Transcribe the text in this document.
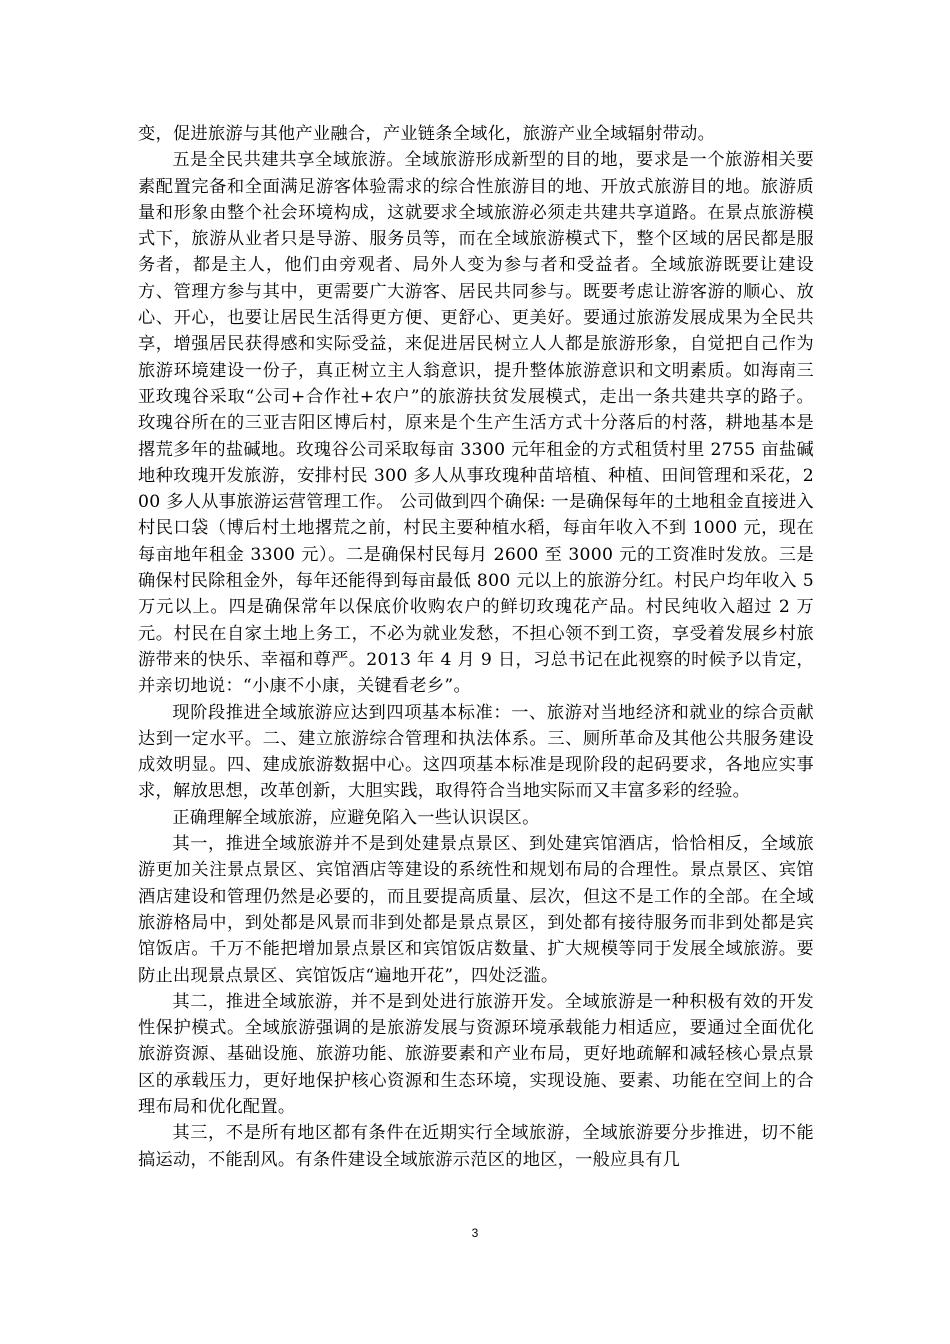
变，促进旅游与其他产业融合，产业链条全域化，旅游产业全域辐射带动。

五是全民共建共享全域旅游。全域旅游形成新型的目的地，要求是一个旅游相关要素配置完备和全面满足游客体验需求的综合性旅游目的地、开放式旅游目的地。旅游质量和形象由整个社会环境构成，这就要求全域旅游必须走共建共享道路。在景点旅游模式下，旅游从业者只是导游、服务员等，而在全域旅游模式下，整个区域的居民都是服务者，都是主人，他们由旁观者、局外人变为参与者和受益者。全域旅游既要让建设方、管理方参与其中，更需要广大游客、居民共同参与。既要考虑让游客游的顺心、放心、开心，也要让居民生活得更方便、更舒心、更美好。要通过旅游发展成果为全民共享，增强居民获得感和实际受益，来促进居民树立人人都是旅游形象，自觉把自己作为旅游环境建设一份子，真正树立主人翁意识，提升整体旅游意识和文明素质。如海南三亚玫瑰谷采取“公司+合作社+农户”的旅游扶贫发展模式，走出一条共建共享的路子。 玫瑰谷所在的三亚吉阳区博后村，原来是个生产生活方式十分落后的村落，耕地基本是撂荒多年的盐碱地。玫瑰谷公司采取每亩 3300 元年租金的方式租赁村里 2755 亩盐碱地种玫瑰开发旅游，安排村民 300 多人从事玫瑰种苗培植、种植、田间管理和采花，200 多人从事旅游运营管理工作。 公司做到四个确保: 一是确保每年的土地租金直接进入村民口袋（博后村土地撂荒之前，村民主要种植水稻，每亩年收入不到 1000 元，现在每亩地年租金 3300 元）。二是确保村民每月 2600 至 3000 元的工资准时发放。三是确保村民除租金外，每年还能得到每亩最低 800 元以上的旅游分红。村民户均年收入 5 万元以上。四是确保常年以保底价收购农户的鲜切玫瑰花产品。村民纯收入超过 2 万元。村民在自家土地上务工，不必为就业发愁，不担心领不到工资，享受着发展乡村旅游带来的快乐、幸福和尊严。2013 年 4 月 9 日，习总书记在此视察的时候予以肯定，并亲切地说：“小康不小康，关键看老乡”。

现阶段推进全域旅游应达到四项基本标准：一、旅游对当地经济和就业的综合贡献达到一定水平。二、建立旅游综合管理和执法体系。三、厕所革命及其他公共服务建设成效明显。四、建成旅游数据中心。这四项基本标准是现阶段的起码要求，各地应实事求，解放思想，改革创新，大胆实践，取得符合当地实际而又丰富多彩的经验。

正确理解全域旅游，应避免陷入一些认识误区。

其一，推进全域旅游并不是到处建景点景区、到处建宾馆酒店，恰恰相反，全域旅游更加关注景点景区、宾馆酒店等建设的系统性和规划布局的合理性。景点景区、宾馆酒店建设和管理仍然是必要的，而且要提高质量、层次，但这不是工作的全部。在全域旅游格局中，到处都是风景而非到处都是景点景区，到处都有接待服务而非到处都是宾馆饭店。千万不能把增加景点景区和宾馆饭店数量、扩大规模等同于发展全域旅游。要防止出现景点景区、宾馆饭店“遍地开花”，四处泛滥。

其二，推进全域旅游，并不是到处进行旅游开发。全域旅游是一种积极有效的开发性保护模式。全域旅游强调的是旅游发展与资源环境承载能力相适应，要通过全面优化旅游资源、基础设施、旅游功能、旅游要素和产业布局，更好地疏解和减轻核心景点景区的承载压力，更好地保护核心资源和生态环境，实现设施、要素、功能在空间上的合理布局和优化配置。

其三，不是所有地区都有条件在近期实行全域旅游，全域旅游要分步推进，切不能搞运动，不能刮风。有条件建设全域旅游示范区的地区，一般应具有几

3
